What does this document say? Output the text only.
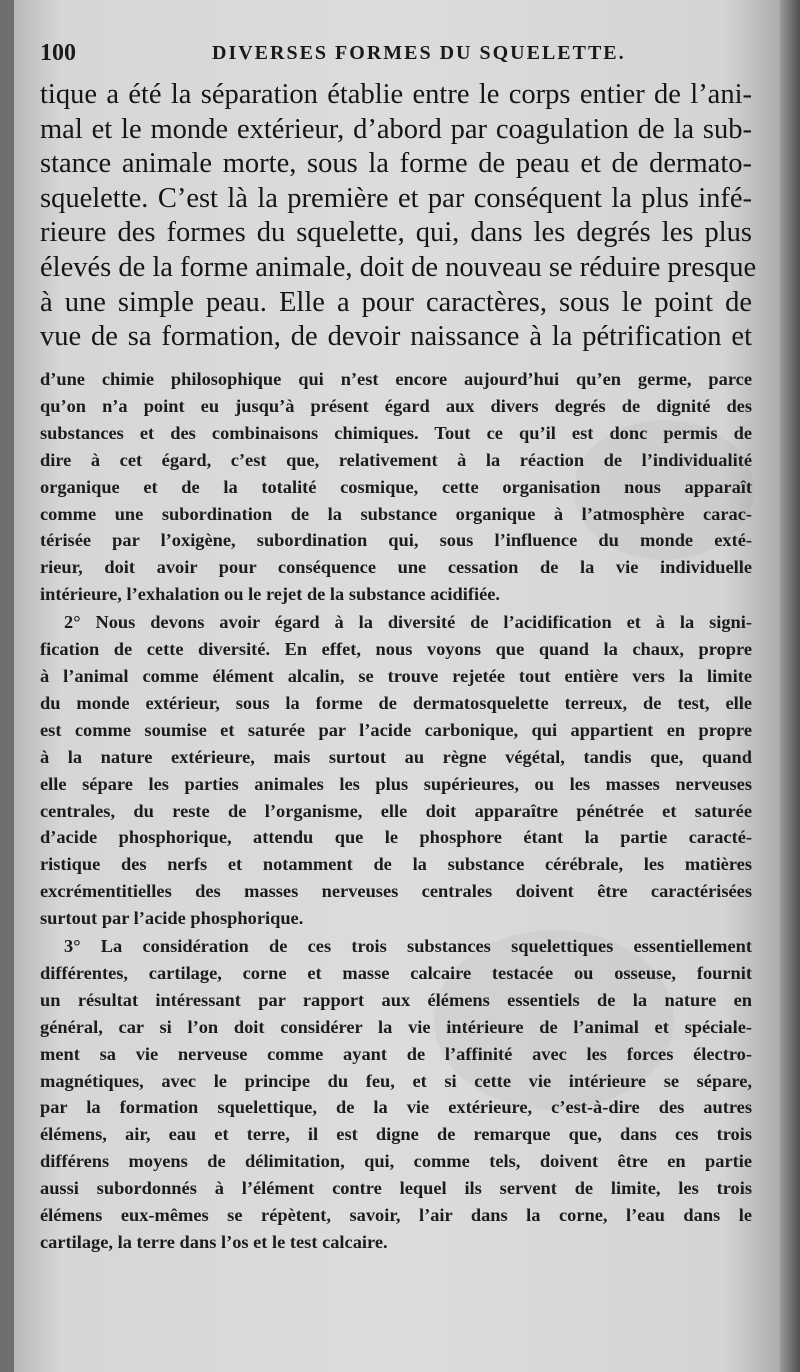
100	DIVERSES FORMES DU SQUELETTE.
tique a été la séparation établie entre le corps entier de l’ani-
mal et le monde extérieur, d’abord par coagulation de la sub-
stance animale morte, sous la forme de peau et de dermato-
squelette. C’est là la première et par conséquent la plus infé-
rieure des formes du squelette, qui, dans les degrés les plus
élevés de la forme animale, doit de nouveau se réduire presque
à une simple peau. Elle a pour caractères, sous le point de
vue de sa formation, de devoir naissance à la pétrification et
d’une chimie philosophique qui n’est encore aujourd’hui qu’en germe, parce
qu’on n’a point eu jusqu’à présent égard aux divers degrés de dignité des
substances et des combinaisons chimiques. Tout ce qu’il est donc permis de
dire à cet égard, c’est que, relativement à la réaction de l’individualité
organique et de la totalité cosmique, cette organisation nous apparaît
comme une subordination de la substance organique à l’atmosphère carac-
térisée par l’oxigène, subordination qui, sous l’influence du monde exté-
rieur, doit avoir pour conséquence une cessation de la vie individuelle
intérieure, l’exhalation ou le rejet de la substance acidifiée.
2° Nous devons avoir égard à la diversité de l’acidification et à la signi-
fication de cette diversité. En effet, nous voyons que quand la chaux, propre
à l’animal comme élément alcalin, se trouve rejetée tout entière vers la limite
du monde extérieur, sous la forme de dermatosquelette terreux, de test, elle
est comme soumise et saturée par l’acide carbonique, qui appartient en propre
à la nature extérieure, mais surtout au règne végétal, tandis que, quand
elle sépare les parties animales les plus supérieures, ou les masses nerveuses
centrales, du reste de l’organisme, elle doit apparaître pénétrée et saturée
d’acide phosphorique, attendu que le phosphore étant la partie caracté-
ristique des nerfs et notamment de la substance cérébrale, les matières
excrémentitielles des masses nerveuses centrales doivent être caractérisées
surtout par l’acide phosphorique.
3° La considération de ces trois substances squelettiques essentiellement
différentes, cartilage, corne et masse calcaire testacée ou osseuse, fournit
un résultat intéressant par rapport aux élémens essentiels de la nature en
général, car si l’on doit considérer la vie intérieure de l’animal et spéciale-
ment sa vie nerveuse comme ayant de l’affinité avec les forces électro-
magnétiques, avec le principe du feu, et si cette vie intérieure se sépare,
par la formation squelettique, de la vie extérieure, c’est-à-dire des autres
élémens, air, eau et terre, il est digne de remarque que, dans ces trois
différens moyens de délimitation, qui, comme tels, doivent être en partie
aussi subordonnés à l’élément contre lequel ils servent de limite, les trois
élémens eux-mêmes se répètent, savoir, l’air dans la corne, l’eau dans le
cartilage, la terre dans l’os et le test calcaire.
